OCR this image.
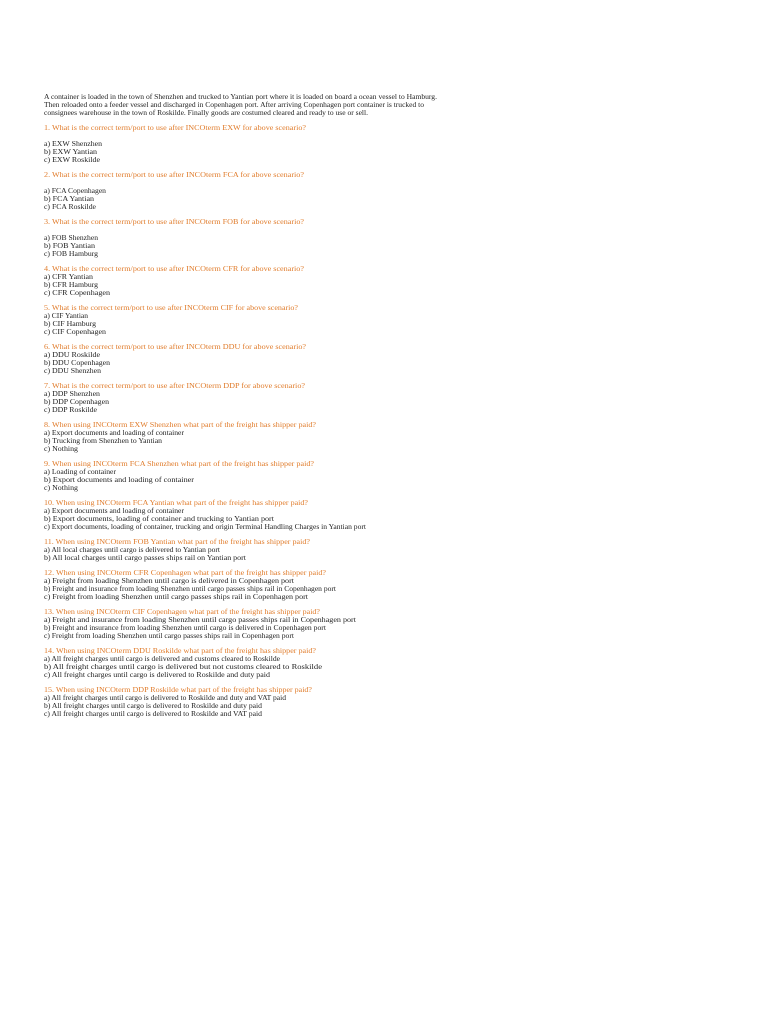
A container is loaded in the town of Shenzhen and trucked to Yantian port where it is loaded on board a ocean vessel to Hamburg.
Then reloaded onto a feeder vessel and discharged in Copenhagen port. After arriving Copenhagen port container is trucked to
consignees warehouse in the town of Roskilde. Finally goods are costumed cleared and ready to use or sell.
1. What is the correct term/port to use after INCOterm EXW for above scenario?
a) EXW Shenzhen
b) EXW Yantian
c) EXW Roskilde
2. What is the correct term/port to use after INCOterm FCA for above scenario?
a) FCA Copenhagen
b) FCA Yantian
c) FCA Roskilde
3. What is the correct term/port to use after INCOterm FOB for above scenario?
a) FOB Shenzhen
b) FOB Yantian
c) FOB Hamburg
4. What is the correct term/port to use after INCOterm CFR for above scenario?
a) CFR Yantian
b) CFR Hamburg
c) CFR Copenhagen
5. What is the correct term/port to use after INCOterm CIF for above scenario?
a) CIF Yantian
b) CIF Hamburg
c) CIF Copenhagen
6. What is the correct term/port to use after INCOterm DDU for above scenario?
a) DDU Roskilde
b) DDU Copenhagen
c) DDU Shenzhen
7. What is the correct term/port to use after INCOterm DDP for above scenario?
a) DDP Shenzhen
b) DDP Copenhagen
c) DDP Roskilde
8. When using INCOterm EXW Shenzhen what part of the freight has shipper paid?
a) Export documents and loading of container
b) Trucking from Shenzhen to Yantian
c) Nothing
9. When using INCOterm FCA Shenzhen what part of the freight has shipper paid?
a) Loading of container
b) Export documents and loading of container
c) Nothing
10. When using INCOterm FCA Yantian what part of the freight has shipper paid?
a) Export documents and loading of container
b) Export documents, loading of container and trucking to Yantian port
c) Export documents, loading of container, trucking and origin Terminal Handling Charges in Yantian port
11. When using INCOterm FOB Yantian what part of the freight has shipper paid?
a) All local charges until cargo is delivered to Yantian port
b) All local charges until cargo passes ships rail on Yantian port
12. When using INCOterm CFR Copenhagen what part of the freight has shipper paid?
a) Freight from loading Shenzhen until cargo is delivered in Copenhagen port
b) Freight and insurance from loading Shenzhen until cargo passes ships rail in Copenhagen port
c) Freight from loading Shenzhen until cargo passes ships rail in Copenhagen port
13. When using INCOterm CIF Copenhagen what part of the freight has shipper paid?
a) Freight and insurance from loading Shenzhen until cargo passes ships rail in Copenhagen port
b) Freight and insurance from loading Shenzhen until cargo is delivered in Copenhagen port
c) Freight from loading Shenzhen until cargo passes ships rail in Copenhagen port
14. When using INCOterm DDU Roskilde what part of the freight has shipper paid?
a) All freight charges until cargo is delivered and customs cleared to Roskilde
b) All freight charges until cargo is delivered but not customs cleared to Roskilde
c) All freight charges until cargo is delivered to Roskilde and duty paid
15. When using INCOterm DDP Roskilde what part of the freight has shipper paid?
a) All freight charges until cargo is delivered to Roskilde and duty and VAT paid
b) All freight charges until cargo is delivered to Roskilde and duty paid
c) All freight charges until cargo is delivered to Roskilde and VAT paid
